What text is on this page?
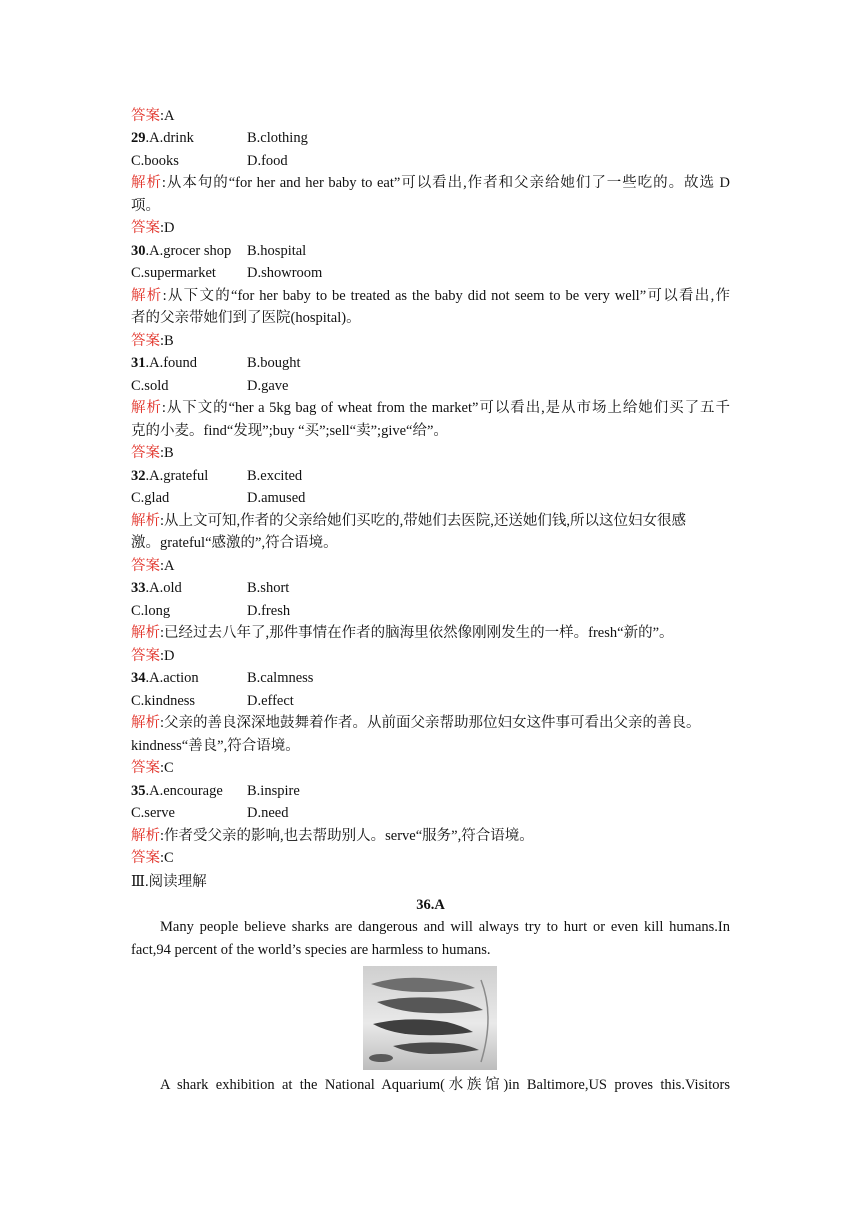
答案:A
29.A.drink	B.clothing
C.books	D.food
解析:从本句的“for her and her baby to eat”可以看出,作者和父亲给她们了一些吃的。故选 D
项。
答案:D
30.A.grocer shop B.hospital
C.supermarket D.showroom
解析:从下文的“for her baby to be treated as the baby did not seem to be very well”可以看出,作
者的父亲带她们到了医院(hospital)。
答案:B
31.A.found	B.bought
C.sold	D.gave
解析:从下文的“her a 5kg bag of wheat from the market”可以看出,是从市场上给她们买了五千
克的小麦。find“发现”;buy “买”;sell“卖”;give“给”。
答案:B
32.A.grateful	B.excited
C.glad	D.amused
解析:从上文可知,作者的父亲给她们买吃的,带她们去医院,还送她们钱,所以这位妇女很感
激。grateful“感激的”,符合语境。
答案:A
33.A.old	B.short
C.long	D.fresh
解析:已经过去八年了,那件事情在作者的脑海里依然像刚刚发生的一样。fresh“新的”。
答案:D
34.A.action	B.calmness
C.kindness	D.effect
解析:父亲的善良深深地鼓舞着作者。从前面父亲帮助那位妇女这件事可看出父亲的善良。
kindness“善良”,符合语境。
答案:C
35.A.encourage B.inspire
C.serve	D.need
解析:作者受父亲的影响,也去帮助别人。serve“服务”,符合语境。
答案:C
Ⅲ.阅读理解
36.A
Many people believe sharks are dangerous and will always try to hurt or even kill humans.In
fact,94 percent of the world’s species are harmless to humans.
A shark exhibition at the National Aquarium(水族馆)in Baltimore,US proves this.Visitors
